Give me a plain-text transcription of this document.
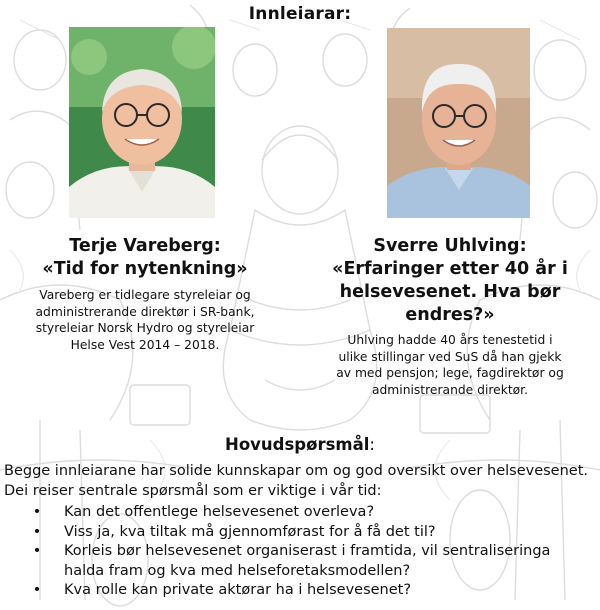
Innleiarar:
Terje Vareberg:
«Tid for nytenkning»
Vareberg er tidlegare styreleiar og
administrerande direktør i SR-bank,
styreleiar Norsk Hydro og styreleiar
Helse Vest 2014 – 2018.
Sverre Uhlving:
«Erfaringer etter 40 år i
helsevesenet. Hva bør endres?»
Uhlving hadde 40 års tenestetid i
ulike stillingar ved SuS då han gjekk
av med pensjon; lege, fagdirektør og
administrerande direktør.
Hovudspørsmål:
Begge innleiarane har solide kunnskapar om og god oversikt over helsevesenet.
Dei reiser sentrale spørsmål som er viktige i vår tid:
• Kan det offentlege helsevesenet overleva?
• Viss ja, kva tiltak må gjennomførast for å få det til?
• Korleis bør helsevesenet organiserast i framtida, vil sentraliseringa
halda fram og kva med helseforetaksmodellen?
• Kva rolle kan private aktørar ha i helsevesenet?
